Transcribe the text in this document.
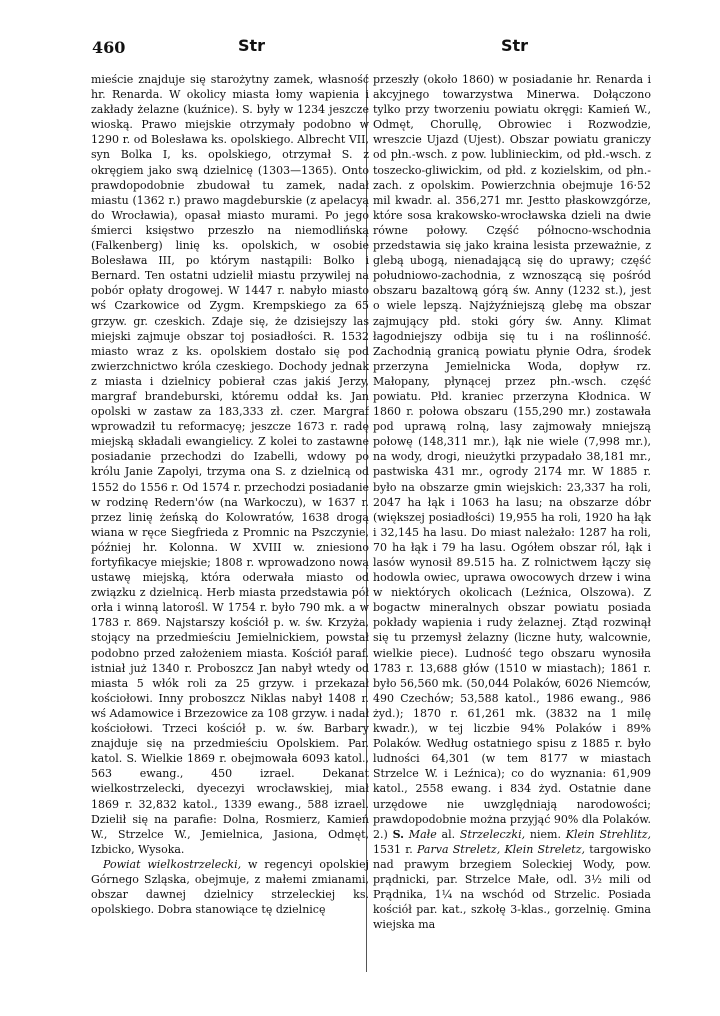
460	Str	Str

mieście znajduje się starożytny zamek, własność hr. Renarda. W okolicy miasta łomy wapienia i zakłady żelazne (kuźnice). S. były w 1234 jeszcze wioską. Prawo miejskie otrzymały podobno w 1290 r. od Bolesława ks. opolskiego. Albrecht VII, syn Bolka I, ks. opolskiego, otrzymał S. z okręgiem jako swą dzielnicę (1303—1365). Onto prawdopodobnie zbudował tu zamek, nadał miastu (1362 r.) prawo magdeburskie (z apelacyą do Wrocławia), opasał miasto murami. Po jego śmierci księstwo przeszło na niemodlińską (Falkenberg) linię ks. opolskich, w osobie Bolesława III, po którym nastąpili: Bolko i Bernard. Ten ostatni udzielił miastu przywilej na pobór opłaty drogowej. W 1447 r. nabyło miasto wś Czarkowice od Zygm. Krempskiego za 65 grzyw. gr. czeskich. Zdaje się, że dzisiejszy las miejski zajmuje obszar toj posiadłości. R. 1532 miasto wraz z ks. opolskiem dostało się pod zwierzchnictwo króla czeskiego. Dochody jednak z miasta i dzielnicy pobierał czas jakiś Jerzy, margraf brandeburski, któremu oddał ks. Jan opolski w zastaw za 183,333 zł. czer. Margraf wprowadził tu reformacyę; jeszcze 1673 r. radę miejską składali ewangielicy. Z kolei to zastawne posiadanie przechodzi do Izabelli, wdowy po królu Janie Zapolyi, trzyma ona S. z dzielnicą od 1552 do 1556 r. Od 1574 r. przechodzi posiadanie w rodzinę Redern'ów (na Warkoczu), w 1637 r. przez linię żeńską do Kolowratów, 1638 drogą wiana w ręce Siegfrieda z Promnic na Pszczynie, później hr. Kolonna. W XVIII w. zniesiono fortyfikacye miejskie; 1808 r. wprowadzono nową ustawę miejską, która oderwała miasto od związku z dzielnicą. Herb miasta przedstawia pół orła i winną latorośl. W 1754 r. było 790 mk. a w 1783 r. 869. Najstarszy kościół p. w. św. Krzyża, stojący na przedmieściu Jemielnickiem, powstał podobno przed założeniem miasta. Kościół paraf. istniał już 1340 r. Proboszcz Jan nabył wtedy od miasta 5 włók roli za 25 grzyw. i przekazał kościołowi. Inny proboszcz Niklas nabył 1408 r. wś Adamowice i Brzezowice za 108 grzyw. i nadał kościołowi. Trzeci kościół p. w. św. Barbary znajduje się na przedmieściu Opolskiem. Par. katol. S. Wielkie 1869 r. obejmowała 6093 katol., 563 ewang., 450 izrael. Dekanat wielkostrzelecki, dyecezyi wrocławskiej, miał 1869 r. 32,832 katol., 1339 ewang., 588 izrael. Dzielił się na parafie: Dolna, Rosmierz, Kamień W., Strzelce W., Jemielnica, Jasiona, Odmęt, Izbicko, Wysoka.

Powiat wielkostrzelecki, w regencyi opolskiej Górnego Szląska, obejmuje, z małemi zmianami, obszar dawnej dzielnicy strzeleckiej ks. opolskiego. Dobra stanowiące tę dzielnicę

przeszły (około 1860) w posiadanie hr. Renarda i akcyjnego towarzystwa Minerwa. Dołączono tylko przy tworzeniu powiatu okręgi: Kamień W., Odmęt, Chorullę, Obrowiec i Rozwodzie, wreszcie Ujazd (Ujest). Obszar powiatu graniczy od płn.-wsch. z pow. lublinieckim, od płd.-wsch. z toszecko-gliwickim, od płd. z kozielskim, od płn.-zach. z opolskim. Powierzchnia obejmuje 16·52 mil kwadr. al. 356,271 mr. Jestto płaskowzgórze, które sosa krakowsko-wrocławska dzieli na dwie równe połowy. Część północno-wschodnia przedstawia się jako kraina lesista przeważnie, z glebą ubogą, nienadającą się do uprawy; część południowo-zachodnia, z wznoszącą się pośród obszaru bazaltową górą św. Anny (1232 st.), jest o wiele lepszą. Najżyźniejszą glebę ma obszar zajmujący płd. stoki góry św. Anny. Klimat łagodniejszy odbija się tu i na roślinność. Zachodnią granicą powiatu płynie Odra, środek przerzyna Jemielnicka Woda, dopływ rz. Małopany, płynącej przez płn.-wsch. część powiatu. Płd. kraniec przerzyna Kłodnica. W 1860 r. połowa obszaru (155,290 mr.) zostawała pod uprawą rolną, lasy zajmowały mniejszą połowę (148,311 mr.), łąk nie wiele (7,998 mr.), na wody, drogi, nieużytki przypadało 38,181 mr., pastwiska 431 mr., ogrody 2174 mr. W 1885 r. było na obszarze gmin wiejskich: 23,337 ha roli, 2047 ha łąk i 1063 ha lasu; na obszarze dóbr (większej posiadłości) 19,955 ha roli, 1920 ha łąk i 32,145 ha lasu. Do miast należało: 1287 ha roli, 70 ha łąk i 79 ha lasu. Ogółem obszar ról, łąk i lasów wynosił 89.515 ha. Z rolnictwem łączy się hodowla owiec, uprawa owocowych drzew i wina w niektórych okolicach (Leźnica, Olszowa). Z bogactw mineralnych obszar powiatu posiada pokłady wapienia i rudy żelaznej. Ztąd rozwinął się tu przemysł żelazny (liczne huty, walcownie, wielkie piece). Ludność tego obszaru wynosiła 1783 r. 13,688 głów (1510 w miastach); 1861 r. było 56,560 mk. (50,044 Polaków, 6026 Niemców, 490 Czechów; 53,588 katol., 1986 ewang., 986 żyd.); 1870 r. 61,261 mk. (3832 na 1 milę kwadr.), w tej liczbie 94% Polaków i 89% Polaków. Według ostatniego spisu z 1885 r. było ludności 64,301 (w tem 8177 w miastach Strzelce W. i Leźnica); co do wyznania: 61,909 katol., 2558 ewang. i 834 żyd. Ostatnie dane urzędowe nie uwzględniają narodowości; prawdopodobnie można przyjąć 90% dla Polaków. 2.) S. Małe al. Strzeleczki, niem. Klein Strehlitz, 1531 r. Parva Streletz, Klein Streletz, targowisko nad prawym brzegiem Soleckiej Wody, pow. prądnicki, par. Strzelce Małe, odl. 3½ mili od Prądnika, 1¼ na wschód od Strzelic. Posiada kościół par. kat., szkołę 3-klas., gorzelnię. Gmina wiejska ma
